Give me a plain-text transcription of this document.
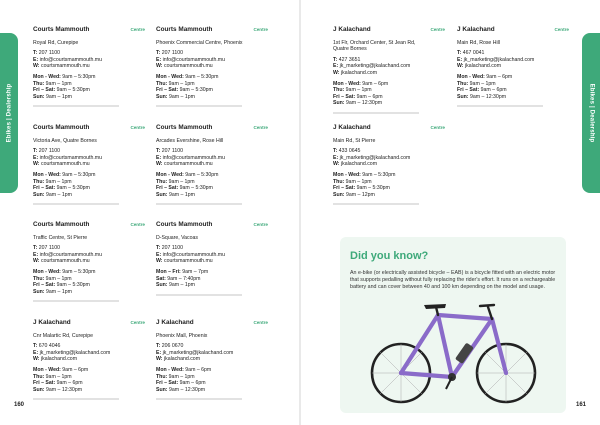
Ebikes | Dealership	Ebikes | Dealership
Courts Mammouth	Centre
Royal Rd, Curepipe
T: 207 1100
E: info@courtsmammouth.mu
W: courtsmammouth.mu
Mon - Wed: 9am – 5:30pm
Thu: 9am – 1pm
Fri – Sat: 9am – 5:30pm
Sun: 9am – 1pm
Courts Mammouth	Centre
Phoenix Commercial Centre, Phoenix
T: 207 1100
E: info@courtsmammouth.mu
W: courtsmammouth.mu
Mon - Wed: 9am – 5:30pm
Thu: 9am – 1pm
Fri – Sat: 9am – 5:30pm
Sun: 9am – 1pm
J Kalachand	Centre
1st Flr, Orchard Center, St Jean Rd,
Quatre Bornes
T: 427 3651
E: jk_marketing@jkalachand.com
W: jkalachand.com
Mon - Wed: 9am – 6pm
Thu: 9am – 1pm
Fri – Sat: 9am – 6pm
Sun: 9am – 12:30pm
J Kalachand	Centre
Main Rd, Rose Hill
T: 467 0041
E: jk_marketing@jkalachand.com
W: jkalachand.com
Mon - Wed: 9am – 6pm
Thu: 9am – 1pm
Fri – Sat: 9am – 6pm
Sun: 9am – 12:30pm
Courts Mammouth	Centre
Victoria Ave, Quatre Bornes
T: 207 1100
E: info@courtsmammouth.mu
W: courtsmammouth.mu
Mon - Wed: 9am – 5:30pm
Thu: 9am – 1pm
Fri – Sat: 9am – 5:30pm
Sun: 9am – 1pm
Courts Mammouth	Centre
Arcades Evershine, Rose Hill
T: 207 1100
E: info@courtsmammouth.mu
W: courtsmammouth.mu
Mon - Wed: 9am – 5:30pm
Thu: 9am – 1pm
Fri – Sat: 9am – 5:30pm
Sun: 9am – 1pm
J Kalachand	Centre
Main Rd, St Pierre
T: 433 0645
E: jk_marketing@jkalachand.com
W: jkalachand.com
Mon - Wed: 9am – 5:30pm
Thu: 9am – 1pm
Fri – Sat: 9am – 5:30pm
Sun: 9am – 12pm
Courts Mammouth	Centre
Traffic Centre, St Pierre
T: 207 1100
E: info@courtsmammouth.mu
W: courtsmammouth.mu
Mon - Wed: 9am – 5:30pm
Thu: 9am – 1pm
Fri – Sat: 9am – 5:30pm
Sun: 9am – 1pm
Courts Mammouth	Centre
D-Square, Vacoas
T: 207 1100
E: info@courtsmammouth.mu
W: courtsmammouth.mu
Mon – Fri: 9am – 7pm
Sat: 9am – 7:40pm
Sun: 9am – 1pm
J Kalachand	Centre
Cnr Malartic Rd, Curepipe
T: 670 4046
E: jk_marketing@jkalachand.com
W: jkalachand.com
Mon - Wed: 9am – 6pm
Thu: 9am – 1pm
Fri – Sat: 9am – 6pm
Sun: 9am – 12:30pm
J Kalachand	Centre
Phoenix Mall, Phoenix
T: 206 0670
E: jk_marketing@jkalachand.com
W: jkalachand.com
Mon - Wed: 9am – 6pm
Thu: 9am – 1pm
Fri – Sat: 9am – 6pm
Sun: 9am – 12:30pm
Did you know?

An e-bike (or electrically assisted bicycle – EAB) is a bicycle fitted with an electric motor that supports pedalling without fully replacing the rider's effort. It runs on a rechargeable battery and can cover between 40 and 100 km depending on the model and usage.

160	161
